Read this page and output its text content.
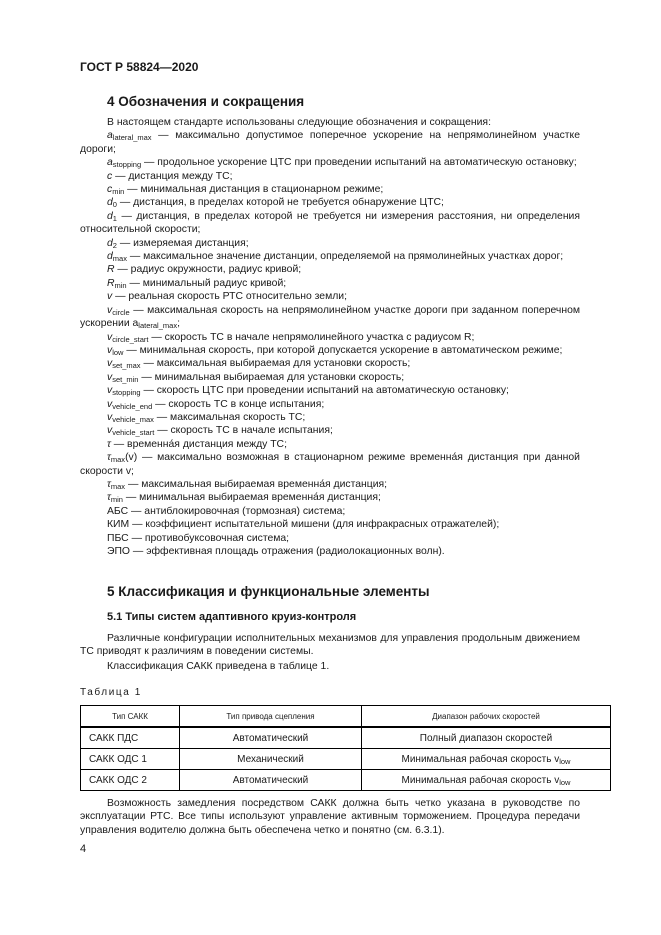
ГОСТ Р 58824—2020
4 Обозначения и сокращения

В настоящем стандарте использованы следующие обозначения и сокращения:

$a_{lateral\_max}$ — максимально допустимое поперечное ускорение на непрямолинейном участке дороги;

$a_{stopping}$ — продольное ускорение ЦТС при проведении испытаний на автоматическую остановку;

c — дистанция между ТС;

$c_{min}$ — минимальная дистанция в стационарном режиме;

$d_0$ — дистанция, в пределах которой не требуется обнаружение ЦТС;

$d_1$ — дистанция, в пределах которой не требуется ни измерения расстояния, ни определения относительной скорости;

$d_2$ — измеряемая дистанция;

$d_{max}$ — максимальное значение дистанции, определяемой на прямолинейных участках дорог;

R — радиус окружности, радиус кривой;

$R_{min}$ — минимальный радиус кривой;

v — реальная скорость РТС относительно земли;

$v_{circle}$ — максимальная скорость на непрямолинейном участке дороги при заданном поперечном ускорении $a_{lateral\_max}$;

$v_{circle\_start}$ — скорость ТС в начале непрямолинейного участка с радиусом R;

$v_{low}$ — минимальная скорость, при которой допускается ускорение в автоматическом режиме;

$v_{set\_max}$ — максимальная выбираемая для установки скорость;

$v_{set\_min}$ — минимальная выбираемая для установки скорость;

$v_{stopping}$ — скорость ЦТС при проведении испытаний на автоматическую остановку;

$v_{vehicle\_end}$ — скорость ТС в конце испытания;

$v_{vehicle\_max}$ — максимальная скорость ТС;

$v_{vehicle\_start}$ — скорость ТС в начале испытания;

τ — временна́я дистанция между ТС;

$\tau_{max}(v)$ — максимально возможная в стационарном режиме временна́я дистанция при данной скорости v;

$\tau_{max}$ — максимальная выбираемая временна́я дистанция;

$\tau_{min}$ — минимальная выбираемая временна́я дистанция;

АБС — антиблокировочная (тормозная) система;

КИМ — коэффициент испытательной мишени (для инфракрасных отражателей);

ПБС — противобуксовочная система;

ЭПО — эффективная площадь отражения (радиолокационных волн).

5 Классификация и функциональные элементы
5.1 Типы систем адаптивного круиз-контроля
Различные конфигурации исполнительных механизмов для управления продольным движением ТС приводят к различиям в поведении системы.
Классификация САКК приведена в таблице 1.
Таблица 1
Тип САКК	Тип привода сцепления	Диапазон рабочих скоростей
САКК ПДС	Автоматический	Полный диапазон скоростей
САКК ОДС 1	Механический	Минимальная рабочая скорость $v_{low}$
САКК ОДС 2	Автоматический	Минимальная рабочая скорость $v_{low}$
Возможность замедления посредством САКК должна быть четко указана в руководстве по эксплуатации РТС. Все типы используют управление активным торможением. Процедура передачи управления водителю должна быть обеспечена четко и понятно (см. 6.3.1).
4
